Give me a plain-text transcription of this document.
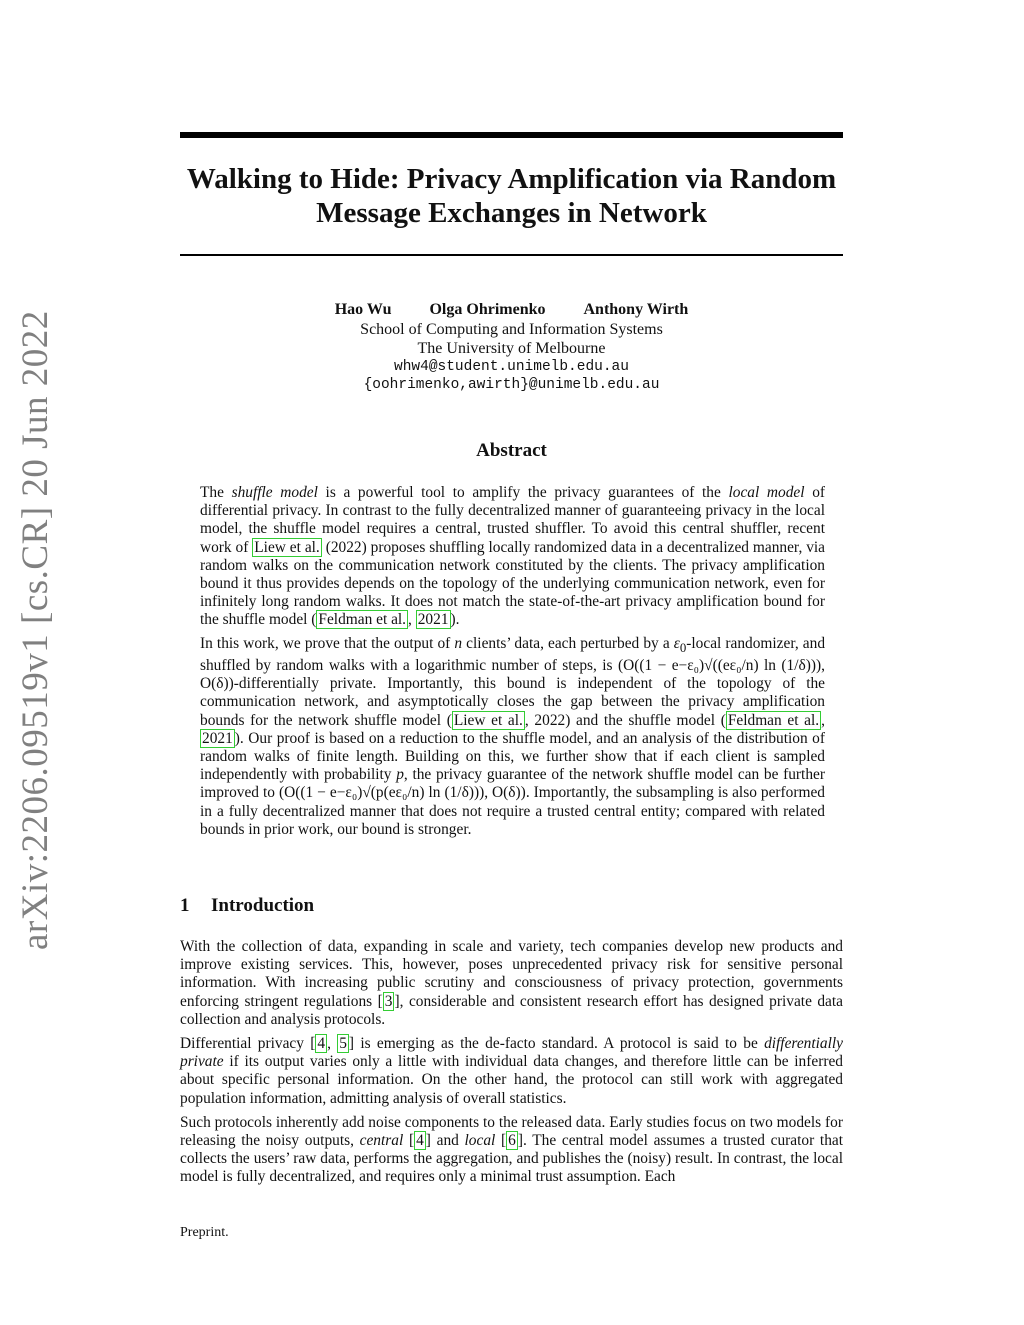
arXiv:2206.09519v1 [cs.CR] 20 Jun 2022
Walking to Hide: Privacy Amplification via Random
Message Exchanges in Network
Hao Wu Olga Ohrimenko Anthony Wirth
School of Computing and Information Systems
The University of Melbourne
whw4@student.unimelb.edu.au
{oohrimenko,awirth}@unimelb.edu.au
Abstract

The shuffle model is a powerful tool to amplify the privacy guarantees of the local model of differential privacy. In contrast to the fully decentralized manner of guaranteeing privacy in the local model, the shuffle model requires a central, trusted shuffler. To avoid this central shuffler, recent work of Liew et al. (2022) proposes shuffling locally randomized data in a decentralized manner, via random walks on the communication network constituted by the clients. The privacy amplification bound it thus provides depends on the topology of the underlying communication network, even for infinitely long random walks. It does not match the state-of-the-art privacy amplification bound for the shuffle model ( Feldman et al. , 2021 ).

In this work, we prove that the output of n clients’ data, each perturbed by a $\varepsilon_0$-local randomizer, and shuffled by random walks with a logarithmic number of steps, is (O((1 − e−ε₀)√((eε₀/n) ln (1/δ))), O(δ))-differentially private. Importantly, this bound is independent of the topology of the communication network, and asymptotically closes the gap between the privacy amplification bounds for the network shuffle model ( Liew et al. , 2022) and the shuffle model ( Feldman et al. , 2021 ). Our proof is based on a reduction to the shuffle model, and an analysis of the distribution of random walks of finite length. Building on this, we further show that if each client is sampled independently with probability p, the privacy guarantee of the network shuffle model can be further improved to (O((1 − e−ε₀)√(p(eε₀/n) ln (1/δ))), O(δ)). Importantly, the subsampling is also performed in a fully decentralized manner that does not require a trusted central entity; compared with related bounds in prior work, our bound is stronger.

1 Introduction

With the collection of data, expanding in scale and variety, tech companies develop new products and improve existing services. This, however, poses unprecedented privacy risk for sensitive personal information. With increasing public scrutiny and consciousness of privacy protection, governments enforcing stringent regulations [ 3 ], considerable and consistent research effort has designed private data collection and analysis protocols.

Differential privacy [ 4 , 5 ] is emerging as the de-facto standard. A protocol is said to be differentially private if its output varies only a little with individual data changes, and therefore little can be inferred about specific personal information. On the other hand, the protocol can still work with aggregated population information, admitting analysis of overall statistics.

Such protocols inherently add noise components to the released data. Early studies focus on two models for releasing the noisy outputs, central [ 4 ] and local [ 6 ]. The central model assumes a trusted curator that collects the users’ raw data, performs the aggregation, and publishes the (noisy) result. In contrast, the local model is fully decentralized, and requires only a minimal trust assumption. Each

Preprint.
